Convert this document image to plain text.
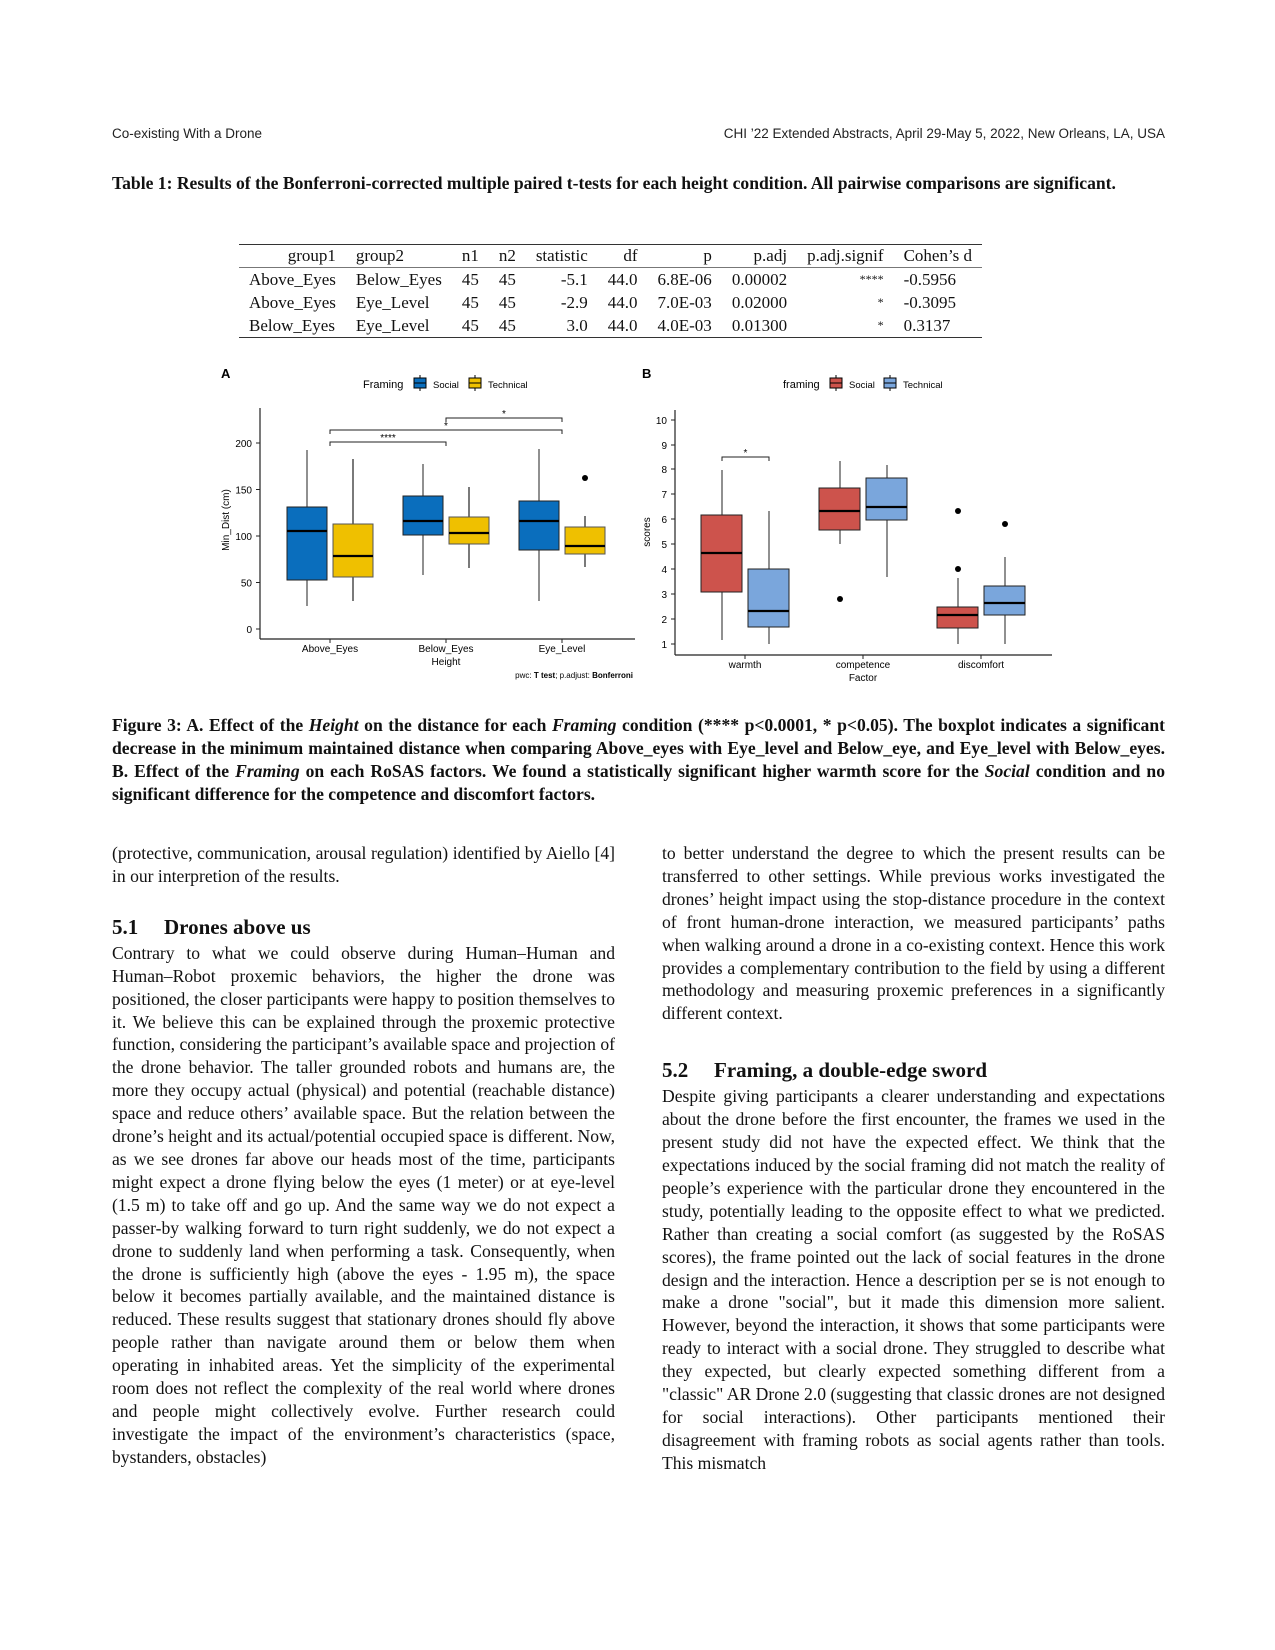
Co-existing With a Drone	CHI ’22 Extended Abstracts, April 29-May 5, 2022, New Orleans, LA, USA
Table 1: Results of the Bonferroni-corrected multiple paired t-tests for each height condition. All pairwise comparisons are significant.
group1	group2	n1	n2	statistic	df	p	p.adj	p.adj.signif	Cohen’s d
Above_Eyes	Below_Eyes	45	45	-5.1	44.0	6.8E-06	0.00002	****	-0.5956
Above_Eyes	Eye_Level	45	45	-2.9	44.0	7.0E-03	0.02000	*	-0.3095
Below_Eyes	Eye_Level	45	45	3.0	44.0	4.0E-03	0.01300	*	0.3137
A
Framing	Social	Technical
0
50
100
150
200
Min_Dist (cm)
Above_Eyes	Below_Eyes	Eye_Level
Height
****
*
*
pwc: T test; p.adjust: Bonferroni
B
framing	Social	Technical
1
2
3
4
5
6
7
8
9
10
scores
warmth	competence	discomfort
Factor
*
Figure 3: A. Effect of the Height on the distance for each Framing condition (**** p<0.0001, * p<0.05). The boxplot indicates a significant decrease in the minimum maintained distance when comparing Above_eyes with Eye_level and Below_eye, and Eye_level with Below_eyes. B. Effect of the Framing on each RoSAS factors. We found a statistically significant higher warmth score for the Social condition and no significant difference for the competence and discomfort factors.

(protective, communication, arousal regulation) identified by Aiello [4] in our interpretion of the results.

5.1 Drones above us

Contrary to what we could observe during Human–Human and Human–Robot proxemic behaviors, the higher the drone was positioned, the closer participants were happy to position themselves to it. We believe this can be explained through the proxemic protective function, considering the participant’s available space and projection of the drone behavior. The taller grounded robots and humans are, the more they occupy actual (physical) and potential (reachable distance) space and reduce others’ available space. But the relation between the drone’s height and its actual/potential occupied space is different. Now, as we see drones far above our heads most of the time, participants might expect a drone flying below the eyes (1 meter) or at eye-level (1.5 m) to take off and go up. And the same way we do not expect a passer-by walking forward to turn right suddenly, we do not expect a drone to suddenly land when performing a task. Consequently, when the drone is sufficiently high (above the eyes - 1.95 m), the space below it becomes partially available, and the maintained distance is reduced. These results suggest that stationary drones should fly above people rather than navigate around them or below them when operating in inhabited areas. Yet the simplicity of the experimental room does not reflect the complexity of the real world where drones and people might collectively evolve. Further research could investigate the impact of the environment’s characteristics (space, bystanders, obstacles)

to better understand the degree to which the present results can be transferred to other settings. While previous works investigated the drones’ height impact using the stop-distance procedure in the context of front human-drone interaction, we measured participants’ paths when walking around a drone in a co-existing context. Hence this work provides a complementary contribution to the field by using a different methodology and measuring proxemic preferences in a significantly different context.

5.2 Framing, a double-edge sword

Despite giving participants a clearer understanding and expectations about the drone before the first encounter, the frames we used in the present study did not have the expected effect. We think that the expectations induced by the social framing did not match the reality of people’s experience with the particular drone they encountered in the study, potentially leading to the opposite effect to what we predicted. Rather than creating a social comfort (as suggested by the RoSAS scores), the frame pointed out the lack of social features in the drone design and the interaction. Hence a description per se is not enough to make a drone "social", but it made this dimension more salient. However, beyond the interaction, it shows that some participants were ready to interact with a social drone. They struggled to describe what they expected, but clearly expected something different from a "classic" AR Drone 2.0 (suggesting that classic drones are not designed for social interactions). Other participants mentioned their disagreement with framing robots as social agents rather than tools. This mismatch
